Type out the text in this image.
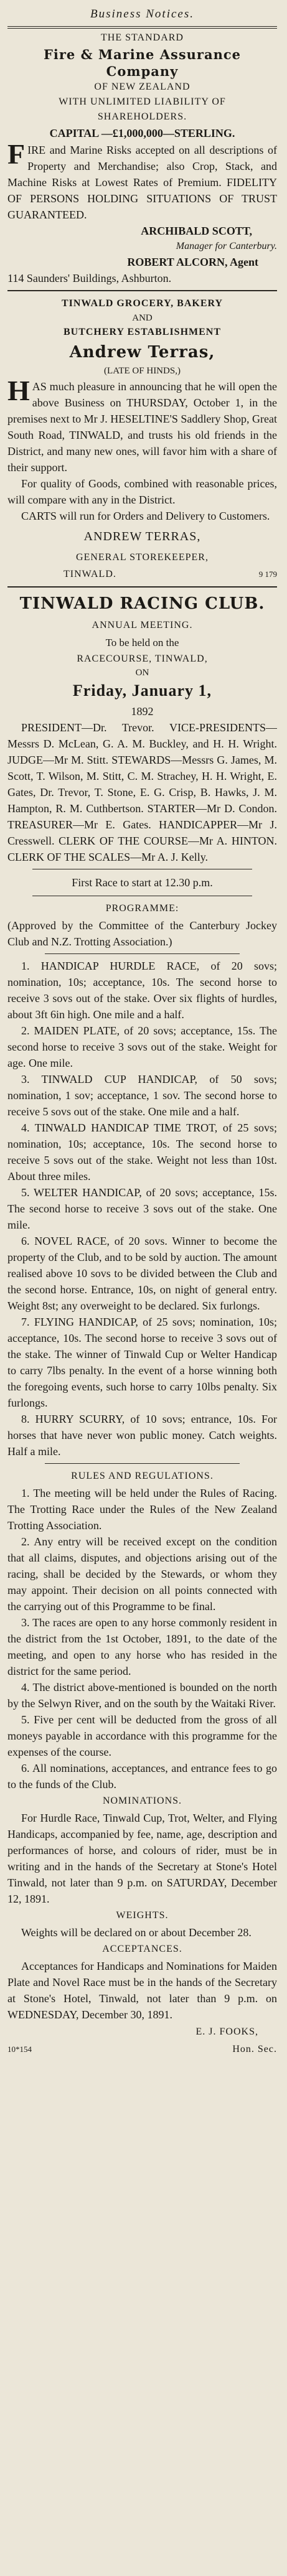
Business Notices.
THE STANDARD
Fire & Marine Assurance
Company
OF NEW ZEALAND
WITH UNLIMITED LIABILITY OF
SHAREHOLDERS.
CAPITAL —£1,000,000—STERLING.
FIRE and Marine Risks accepted on all descriptions of Property and Merchandise; also Crop, Stack, and Machine Risks at Lowest Rates of Premium. FIDELITY OF PERSONS HOLDING SITUATIONS OF TRUST GUARANTEED.
ARCHIBALD SCOTT,
Manager for Canterbury.
ROBERT ALCORN, Agent
114 Saunders' Buildings, Ashburton.
TINWALD GROCERY, BAKERY
AND
BUTCHERY ESTABLISHMENT
Andrew Terras,
(LATE OF HINDS,)
HAS much pleasure in announcing that he will open the above Business on THURSDAY, October 1, in the premises next to Mr J. HESELTINE'S Saddlery Shop, Great South Road, TINWALD, and trusts his old friends in the District, and many new ones, will favor him with a share of their support.
For quality of Goods, combined with reasonable prices, will compare with any in the District.
CARTS will run for Orders and Delivery to Customers.
ANDREW TERRAS,
GENERAL STOREKEEPER,
TINWALD.	9 179
TINWALD RACING CLUB.
ANNUAL MEETING.
To be held on the
RACECOURSE, TINWALD,
ON
Friday, January 1,
1892
PRESIDENT—Dr. Trevor. VICE-PRESIDENTS—Messrs D. McLean, G. A. M. Buckley, and H. H. Wright. JUDGE—Mr M. Stitt. STEWARDS—Messrs G. James, M. Scott, T. Wilson, M. Stitt, C. M. Strachey, H. H. Wright, E. Gates, Dr. Trevor, T. Stone, E. G. Crisp, B. Hawks, J. M. Hampton, R. M. Cuthbertson. STARTER—Mr D. Condon. TREASURER—Mr E. Gates. HANDICAPPER—Mr J. Cresswell. CLERK OF THE COURSE—Mr A. HINTON. CLERK OF THE SCALES—Mr A. J. Kelly.
First Race to start at 12.30 p.m.
PROGRAMME:
(Approved by the Committee of the Canterbury Jockey Club and N.Z. Trotting Association.)
1. HANDICAP HURDLE RACE, of 20 sovs; nomination, 10s; acceptance, 10s. The second horse to receive 3 sovs out of the stake. Over six flights of hurdles, about 3ft 6in high. One mile and a half.
2. MAIDEN PLATE, of 20 sovs; acceptance, 15s. The second horse to receive 3 sovs out of the stake. Weight for age. One mile.
3. TINWALD CUP HANDICAP, of 50 sovs; nomination, 1 sov; acceptance, 1 sov. The second horse to receive 5 sovs out of the stake. One mile and a half.
4. TINWALD HANDICAP TIME TROT, of 25 sovs; nomination, 10s; acceptance, 10s. The second horse to receive 5 sovs out of the stake. Weight not less than 10st. About three miles.
5. WELTER HANDICAP, of 20 sovs; acceptance, 15s. The second horse to receive 3 sovs out of the stake. One mile.
6. NOVEL RACE, of 20 sovs. Winner to become the property of the Club, and to be sold by auction. The amount realised above 10 sovs to be divided between the Club and the second horse. Entrance, 10s, on night of general entry. Weight 8st; any overweight to be declared. Six furlongs.
7. FLYING HANDICAP, of 25 sovs; nomination, 10s; acceptance, 10s. The second horse to receive 3 sovs out of the stake. The winner of Tinwald Cup or Welter Handicap to carry 7lbs penalty. In the event of a horse winning both the foregoing events, such horse to carry 10lbs penalty. Six furlongs.
8. HURRY SCURRY, of 10 sovs; entrance, 10s. For horses that have never won public money. Catch weights. Half a mile.
RULES AND REGULATIONS.
1. The meeting will be held under the Rules of Racing. The Trotting Race under the Rules of the New Zealand Trotting Association.
2. Any entry will be received except on the condition that all claims, disputes, and objections arising out of the racing, shall be decided by the Stewards, or whom they may appoint. Their decision on all points connected with the carrying out of this Programme to be final.
3. The races are open to any horse commonly resident in the district from the 1st October, 1891, to the date of the meeting, and open to any horse who has resided in the district for the same period.
4. The district above-mentioned is bounded on the north by the Selwyn River, and on the south by the Waitaki River.
5. Five per cent will be deducted from the gross of all moneys payable in accordance with this programme for the expenses of the course.
6. All nominations, acceptances, and entrance fees to go to the funds of the Club.
NOMINATIONS.
For Hurdle Race, Tinwald Cup, Trot, Welter, and Flying Handicaps, accompanied by fee, name, age, description and performances of horse, and colours of rider, must be in writing and in the hands of the Secretary at Stone's Hotel Tinwald, not later than 9 p.m. on SATURDAY, December 12, 1891.
WEIGHTS.
Weights will be declared on or about December 28.
ACCEPTANCES.
Acceptances for Handicaps and Nominations for Maiden Plate and Novel Race must be in the hands of the Secretary at Stone's Hotel, Tinwald, not later than 9 p.m. on WEDNESDAY, December 30, 1891.
E. J. FOOKS,
10*154	Hon. Sec.
